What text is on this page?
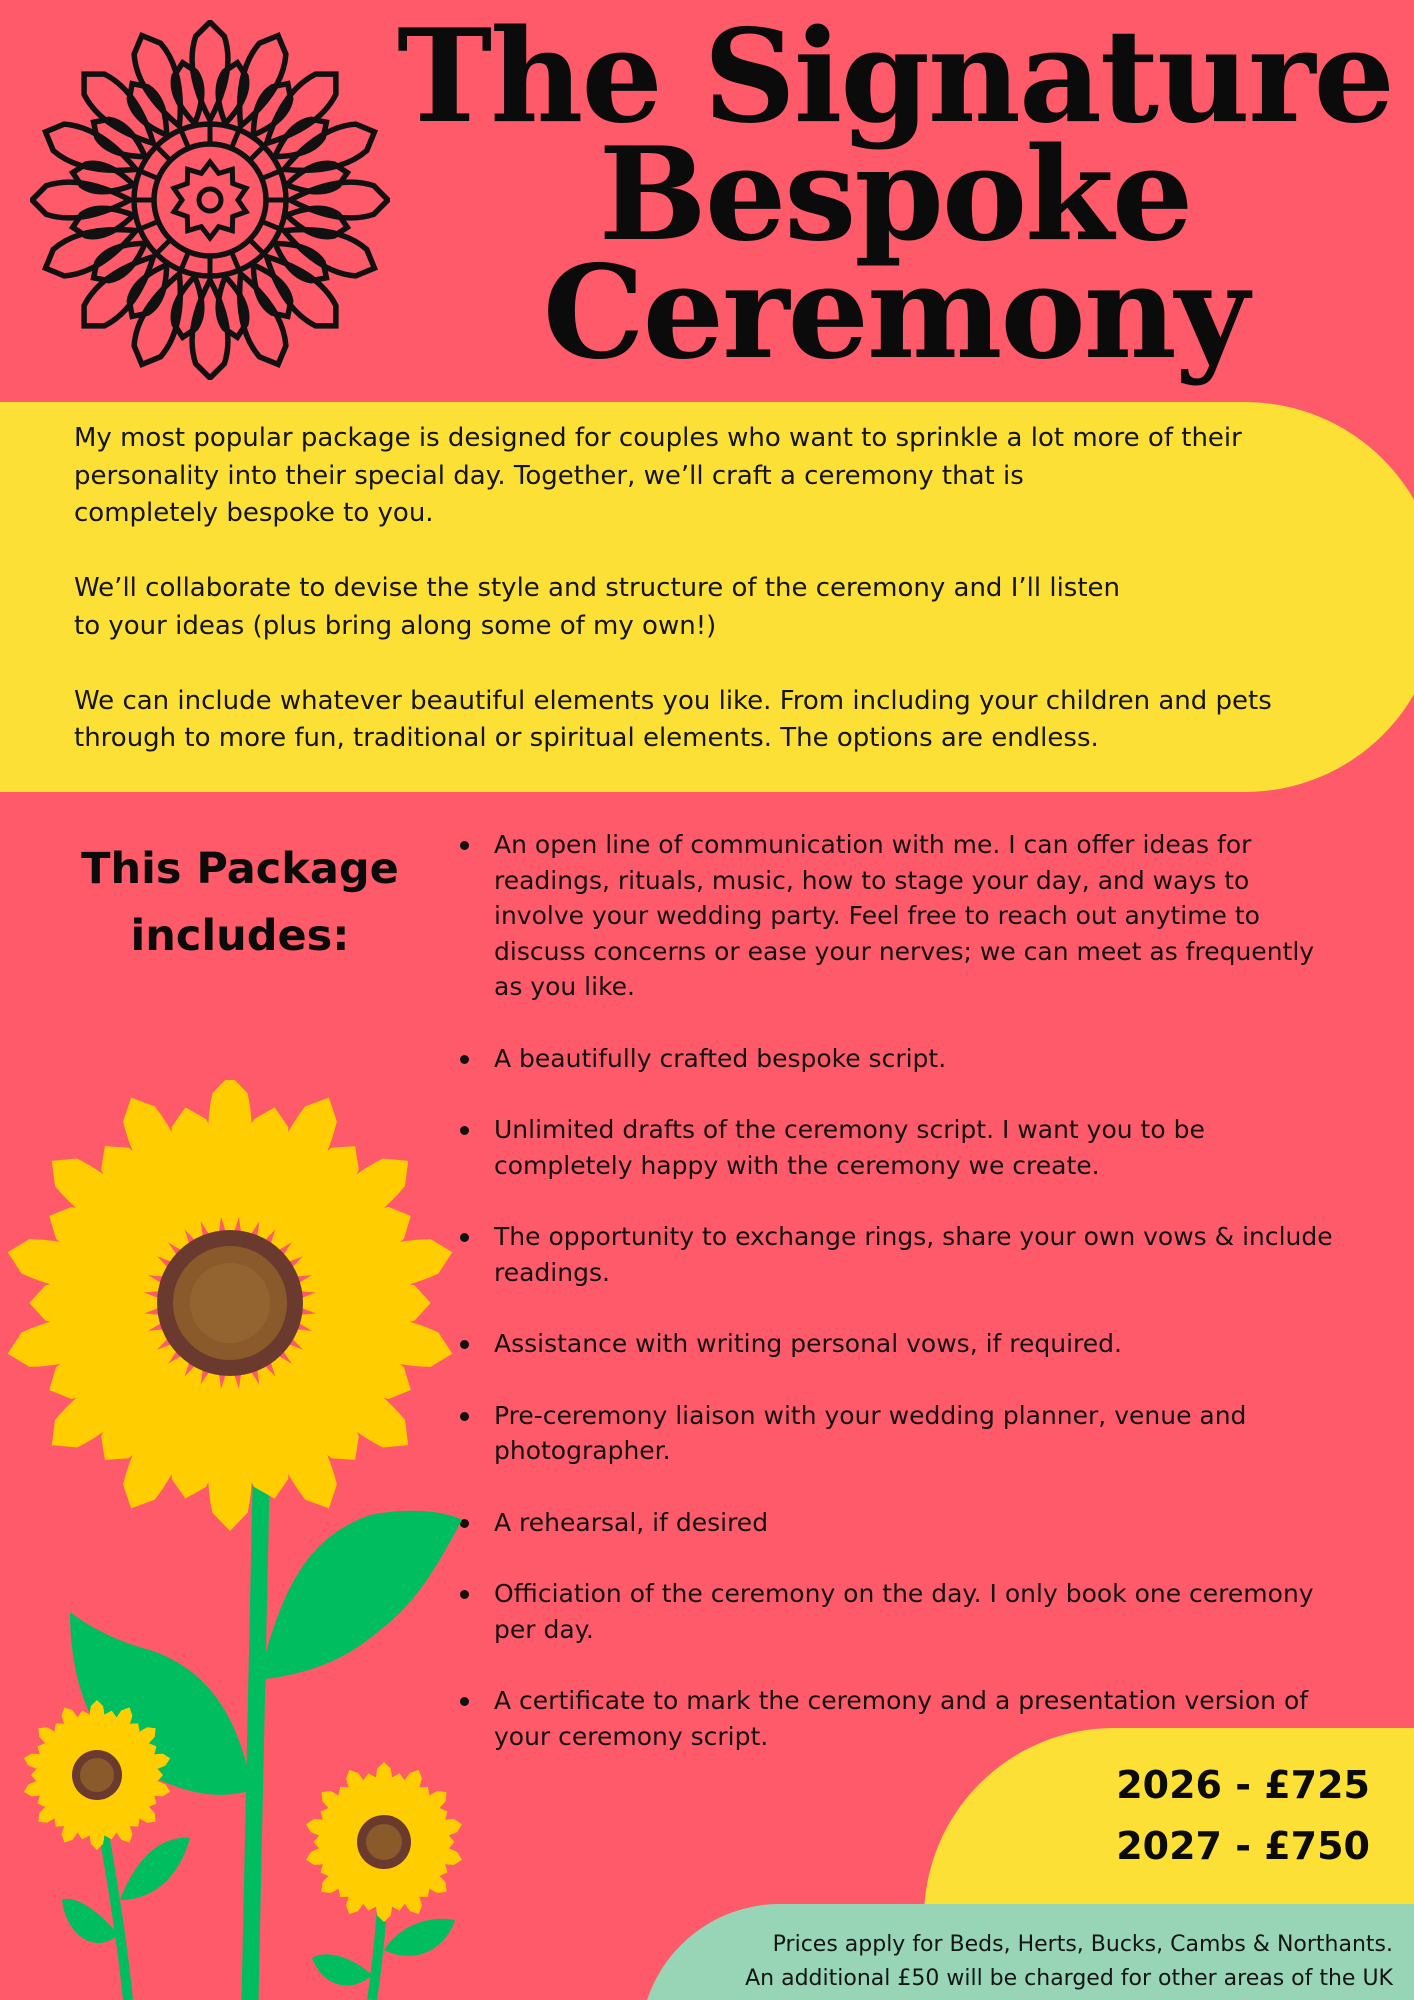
The Signature
Bespoke
Ceremony

My most popular package is designed for couples who want to sprinkle a lot more of their
personality into their special day. Together, we’ll craft a ceremony that is
completely bespoke to you.

We’ll collaborate to devise the style and structure of the ceremony and I’ll listen
to your ideas (plus bring along some of my own!)

We can include whatever beautiful elements you like. From including your children and pets
through to more fun, traditional or spiritual elements. The options are endless.

This Package
includes:
An open line of communication with me. I can offer ideas for readings, rituals, music, how to stage your day, and ways to involve your wedding party. Feel free to reach out anytime to discuss concerns or ease your nerves; we can meet as frequently as you like.
A beautifully crafted bespoke script.
Unlimited drafts of the ceremony script. I want you to be completely happy with the ceremony we create.
The opportunity to exchange rings, share your own vows & include readings.
Assistance with writing personal vows, if required.
Pre-ceremony liaison with your wedding planner, venue and photographer.
A rehearsal, if desired
Officiation of the ceremony on the day. I only book one ceremony per day.
A certificate to mark the ceremony and a presentation version of your ceremony script.
2026 - £725
2027 - £750
Prices apply for Beds, Herts, Bucks, Cambs & Northants.
An additional £50 will be charged for other areas of the UK
